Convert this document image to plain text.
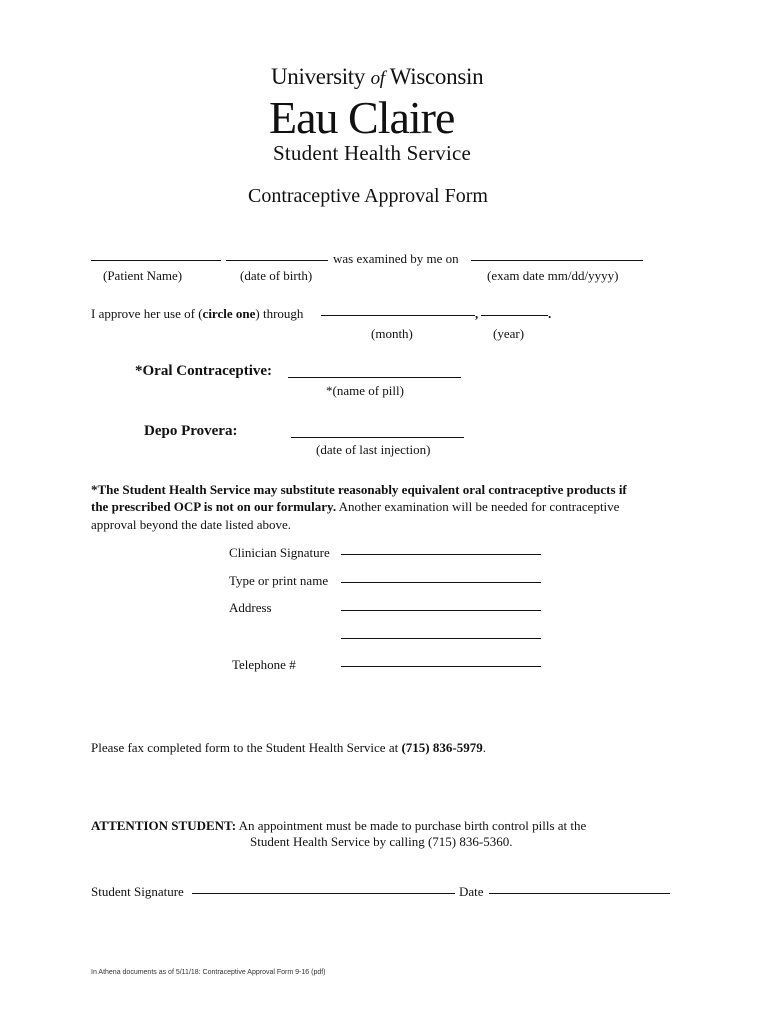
University of Wisconsin
Eau Claire
Student Health Service
Contraceptive Approval Form
was examined by me on
(Patient Name)	(date of birth)	(exam date mm/dd/yyyy)
I approve her use of (circle one) through	,	.
(month)	(year)
*Oral Contraceptive:
*(name of pill)
Depo Provera:
(date of last injection)
*The Student Health Service may substitute reasonably equivalent oral contraceptive products if
the prescribed OCP is not on our formulary. Another examination will be needed for contraceptive
approval beyond the date listed above.
Clinician Signature
Type or print name
Address
Telephone #
Please fax completed form to the Student Health Service at (715) 836-5979.
ATTENTION STUDENT: An appointment must be made to purchase birth control pills at the
Student Health Service by calling (715) 836-5360.
Student Signature	Date
In Athena documents as of 5/11/18: Contraceptive Approval Form 9-16 (pdf)
